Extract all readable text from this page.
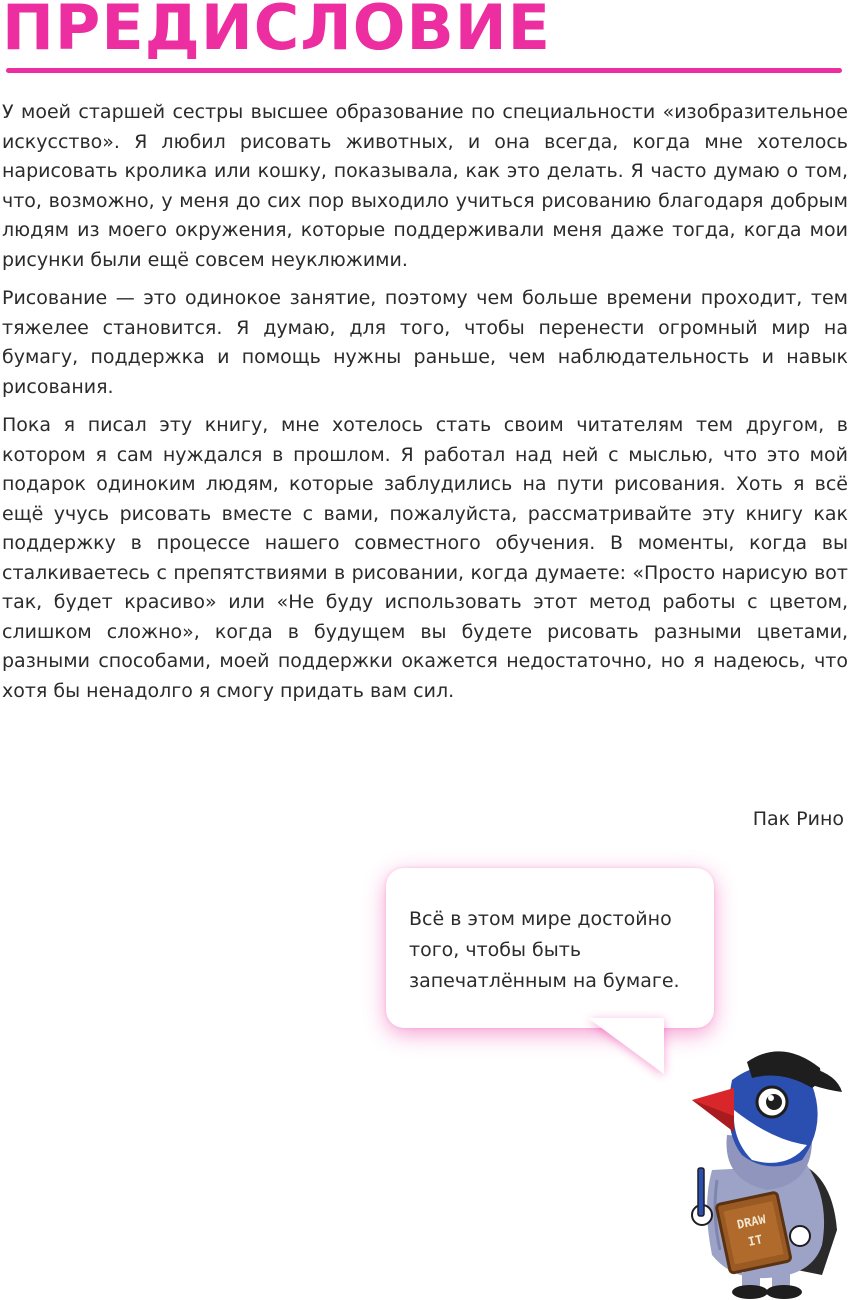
ПРЕДИСЛОВИЕ

У моей старшей сестры высшее образование по специальности «изобразительное искусство». Я любил рисовать животных, и она всегда, когда мне хотелось нарисовать кролика или кошку, показывала, как это делать. Я часто думаю о том, что, возможно, у меня до сих пор выходило учиться рисованию благодаря добрым людям из моего окружения, которые поддерживали меня даже тогда, когда мои рисунки были ещё совсем неуклюжими.

Рисование — это одинокое занятие, поэтому чем больше времени проходит, тем тяжелее становится. Я думаю, для того, чтобы перенести огромный мир на бумагу, поддержка и помощь нужны раньше, чем наблюдательность и навык рисования.

Пока я писал эту книгу, мне хотелось стать своим читателям тем другом, в котором я сам нуждался в прошлом. Я работал над ней с мыслью, что это мой подарок одиноким людям, которые заблудились на пути рисования. Хоть я всё ещё учусь рисовать вместе с вами, пожалуйста, рассматривайте эту книгу как поддержку в процессе нашего совместного обучения. В моменты, когда вы сталкиваетесь с препятствиями в рисовании, когда думаете: «Просто нарисую вот так, будет красиво» или «Не буду использовать этот метод работы с цветом, слишком сложно», когда в будущем вы будете рисовать разными цветами, разными способами, моей поддержки окажется недостаточно, но я надеюсь, что хотя бы ненадолго я смогу придать вам сил.

Пак Рино
Всё в этом мире достойно того, чтобы быть запечатлённым на бумаге.
DRAW
IT
